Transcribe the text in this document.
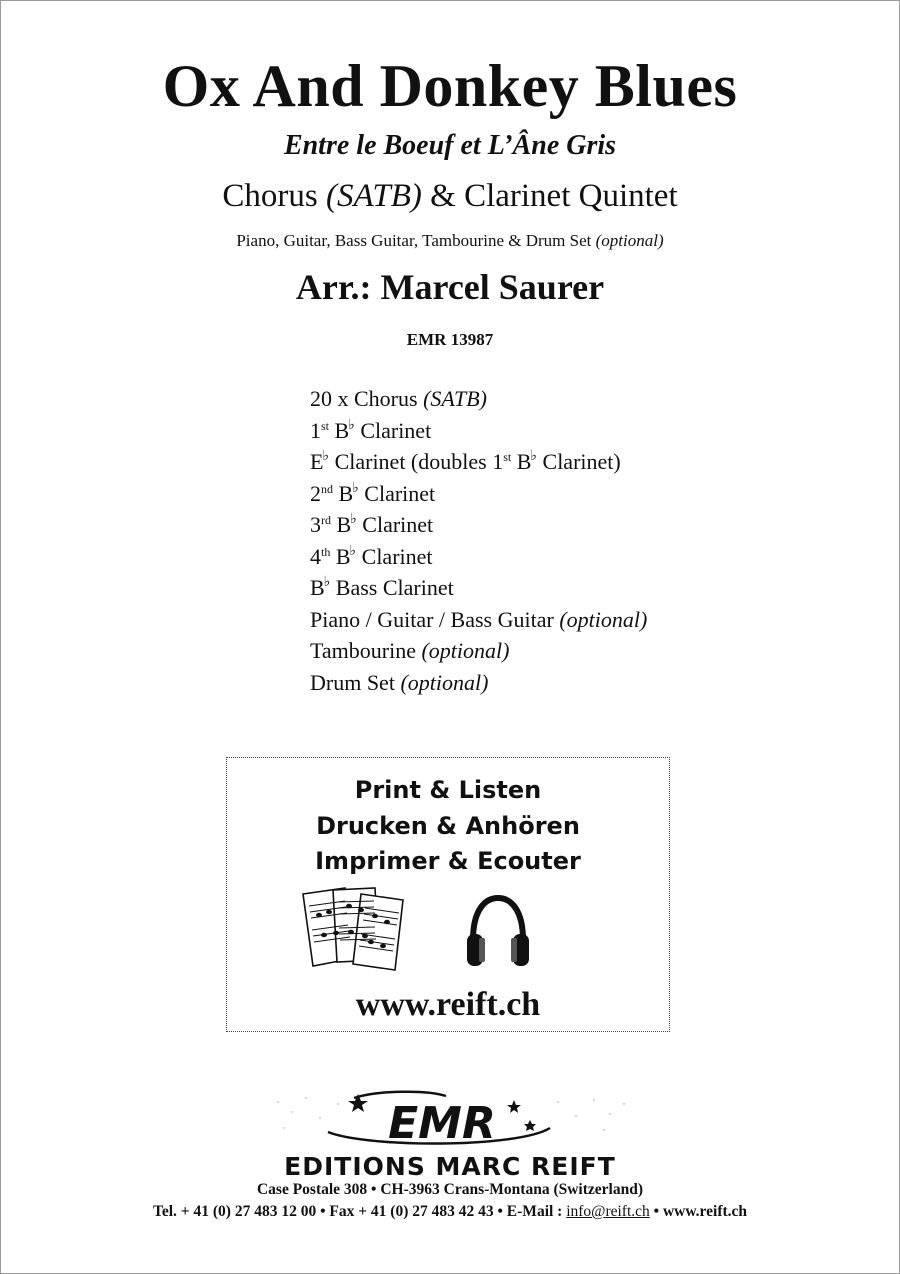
Ox And Donkey Blues
Entre le Boeuf et L’Âne Gris
Chorus (SATB) & Clarinet Quintet
Piano, Guitar, Bass Guitar, Tambourine & Drum Set (optional)
Arr.: Marcel Saurer
EMR 13987
20 x Chorus (SATB)
1st B♭ Clarinet
E♭ Clarinet (doubles 1st B♭ Clarinet)
2nd B♭ Clarinet
3rd B♭ Clarinet
4th B♭ Clarinet
B♭ Bass Clarinet
Piano / Guitar / Bass Guitar (optional)
Tambourine (optional)
Drum Set (optional)
Print & Listen
Drucken & Anhören
Imprimer & Ecouter
www.reift.ch
EMR
EDITIONS MARC REIFT
Case Postale 308 • CH-3963 Crans-Montana (Switzerland)
Tel. + 41 (0) 27 483 12 00 • Fax + 41 (0) 27 483 42 43 • E-Mail : info@reift.ch • www.reift.ch
